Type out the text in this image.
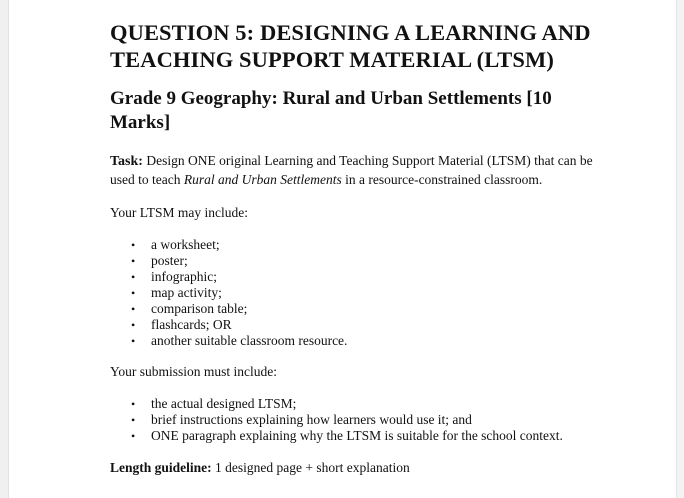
QUESTION 5: DESIGNING A LEARNING AND
TEACHING SUPPORT MATERIAL (LTSM)
Grade 9 Geography: Rural and Urban Settlements [10
Marks]

Task: Design ONE original Learning and Teaching Support Material (LTSM) that can be used to teach Rural and Urban Settlements in a resource-constrained classroom.

Your LTSM may include:

• a worksheet;
• poster;
• infographic;
• map activity;
• comparison table;
• flashcards; OR
• another suitable classroom resource.

Your submission must include:

• the actual designed LTSM;
• brief instructions explaining how learners would use it; and
• ONE paragraph explaining why the LTSM is suitable for the school context.

Length guideline: 1 designed page + short explanation
